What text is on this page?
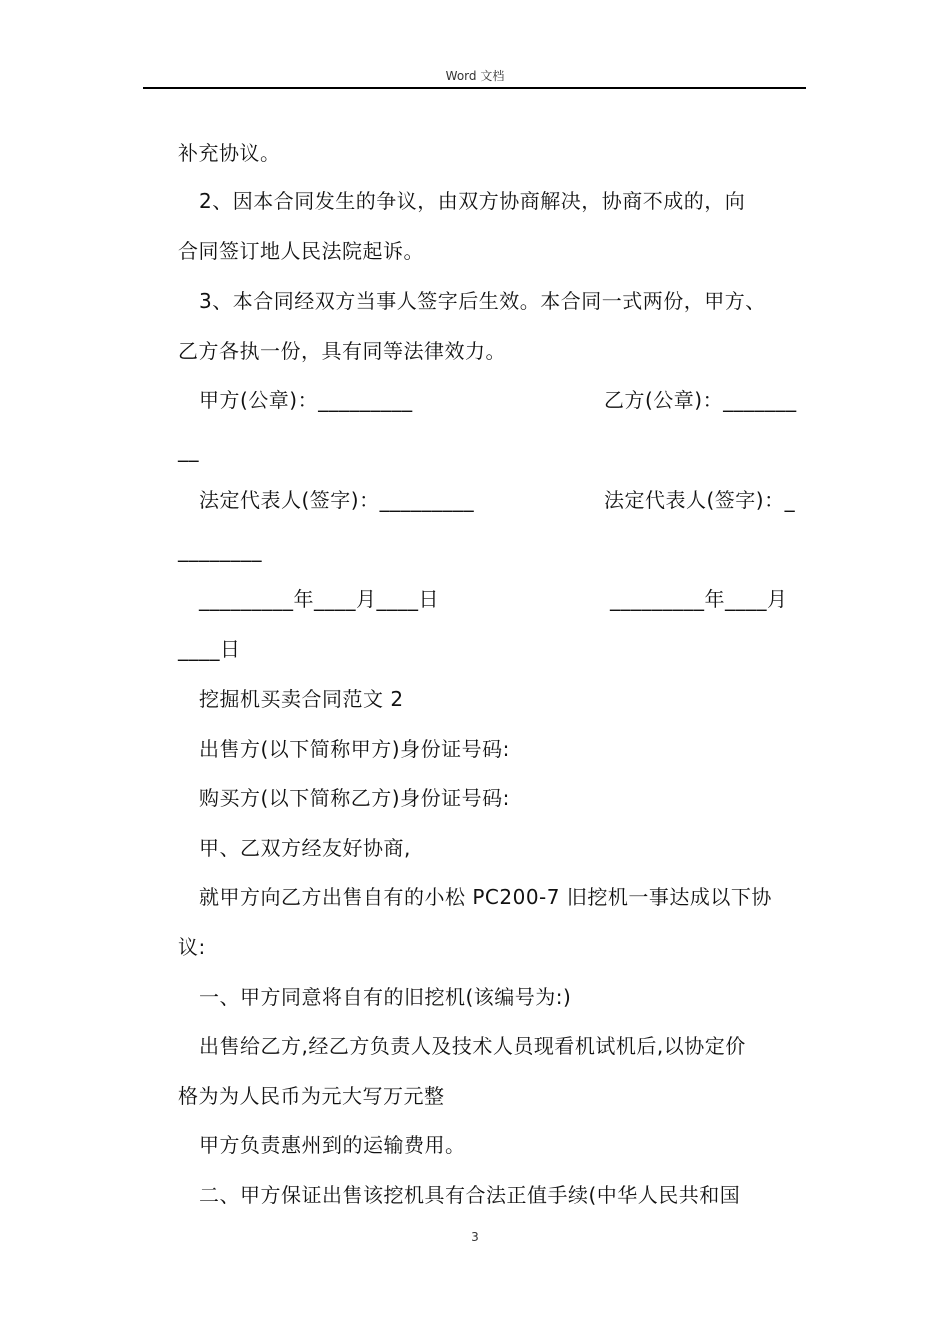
Word 文档
补充协议。
2、因本合同发生的争议，由双方协商解决，协商不成的，向
合同签订地人民法院起诉。
3、本合同经双方当事人签字后生效。本合同一式两份，甲方、
乙方各执一份，具有同等法律效力。
甲方(公章)：_________	乙方(公章)：_______
__
法定代表人(签字)：_________	法定代表人(签字)：_
________
_________年____月____日	_________年____月
____日
挖掘机买卖合同范文 2
出售方(以下简称甲方)身份证号码:
购买方(以下简称乙方)身份证号码:
甲、乙双方经友好协商,
就甲方向乙方出售自有的小松 PC200-7 旧挖机一事达成以下协
议:
一、甲方同意将自有的旧挖机(该编号为:)
出售给乙方,经乙方负责人及技术人员现看机试机后,以协定价
格为为人民币为元大写万元整
甲方负责惠州到的运输费用。
二、甲方保证出售该挖机具有合法正值手续(中华人民共和国
3
